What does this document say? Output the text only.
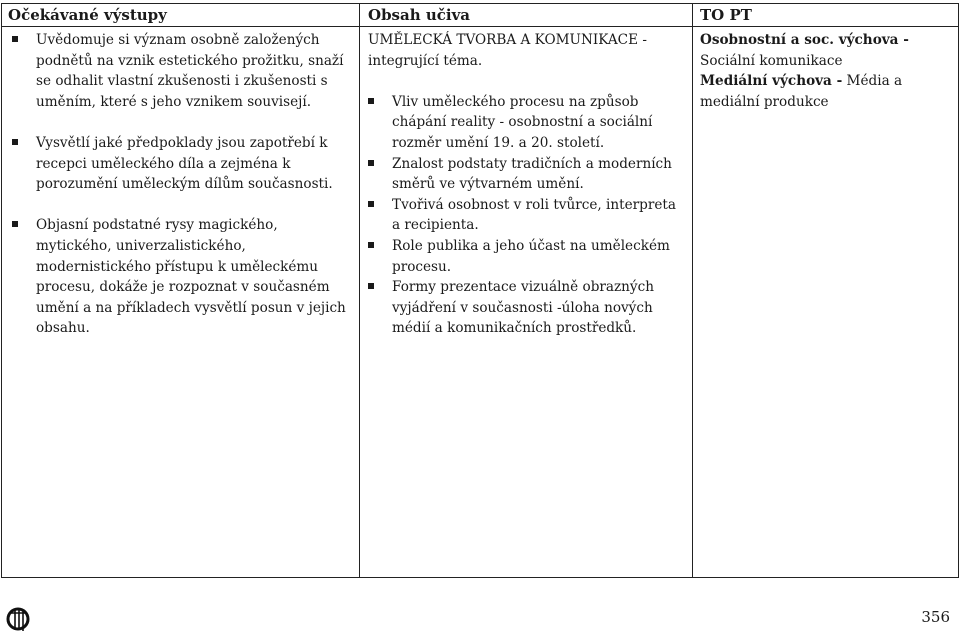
Očekávané výstupy	Obsah učiva	TO PT
Uvědomuje si význam osobně založených podnětů na vznik estetického prožitku, snaží se odhalit vlastní zkušenosti i zkušenosti s uměním, které s jeho vznikem souvisejí.
Vysvětlí jaké předpoklady jsou zapotřebí k recepci uměleckého díla a zejména k porozumění uměleckým dílům současnosti.
Objasní podstatné rysy magického, mytického, univerzalistického, modernistického přístupu k uměleckému procesu, dokáže je rozpoznat v současném umění a na příkladech vysvětlí posun v jejich obsahu.
UMĚLECKÁ TVORBA A KOMUNIKACE - integrující téma.
Vliv uměleckého procesu na způsob chápání reality - osobnostní a sociální rozměr umění 19. a 20. století.
Znalost podstaty tradičních a moderních směrů ve výtvarném umění.
Tvořivá osobnost v roli tvůrce, interpreta a recipienta.
Role publika a jeho účast na uměleckém procesu.
Formy prezentace vizuálně obrazných vyjádření v současnosti -úloha nových médií a komunikačních prostředků.
Osobnostní a soc. výchova - Sociální komunikace
Mediální výchova - Média a mediální produkce
356
